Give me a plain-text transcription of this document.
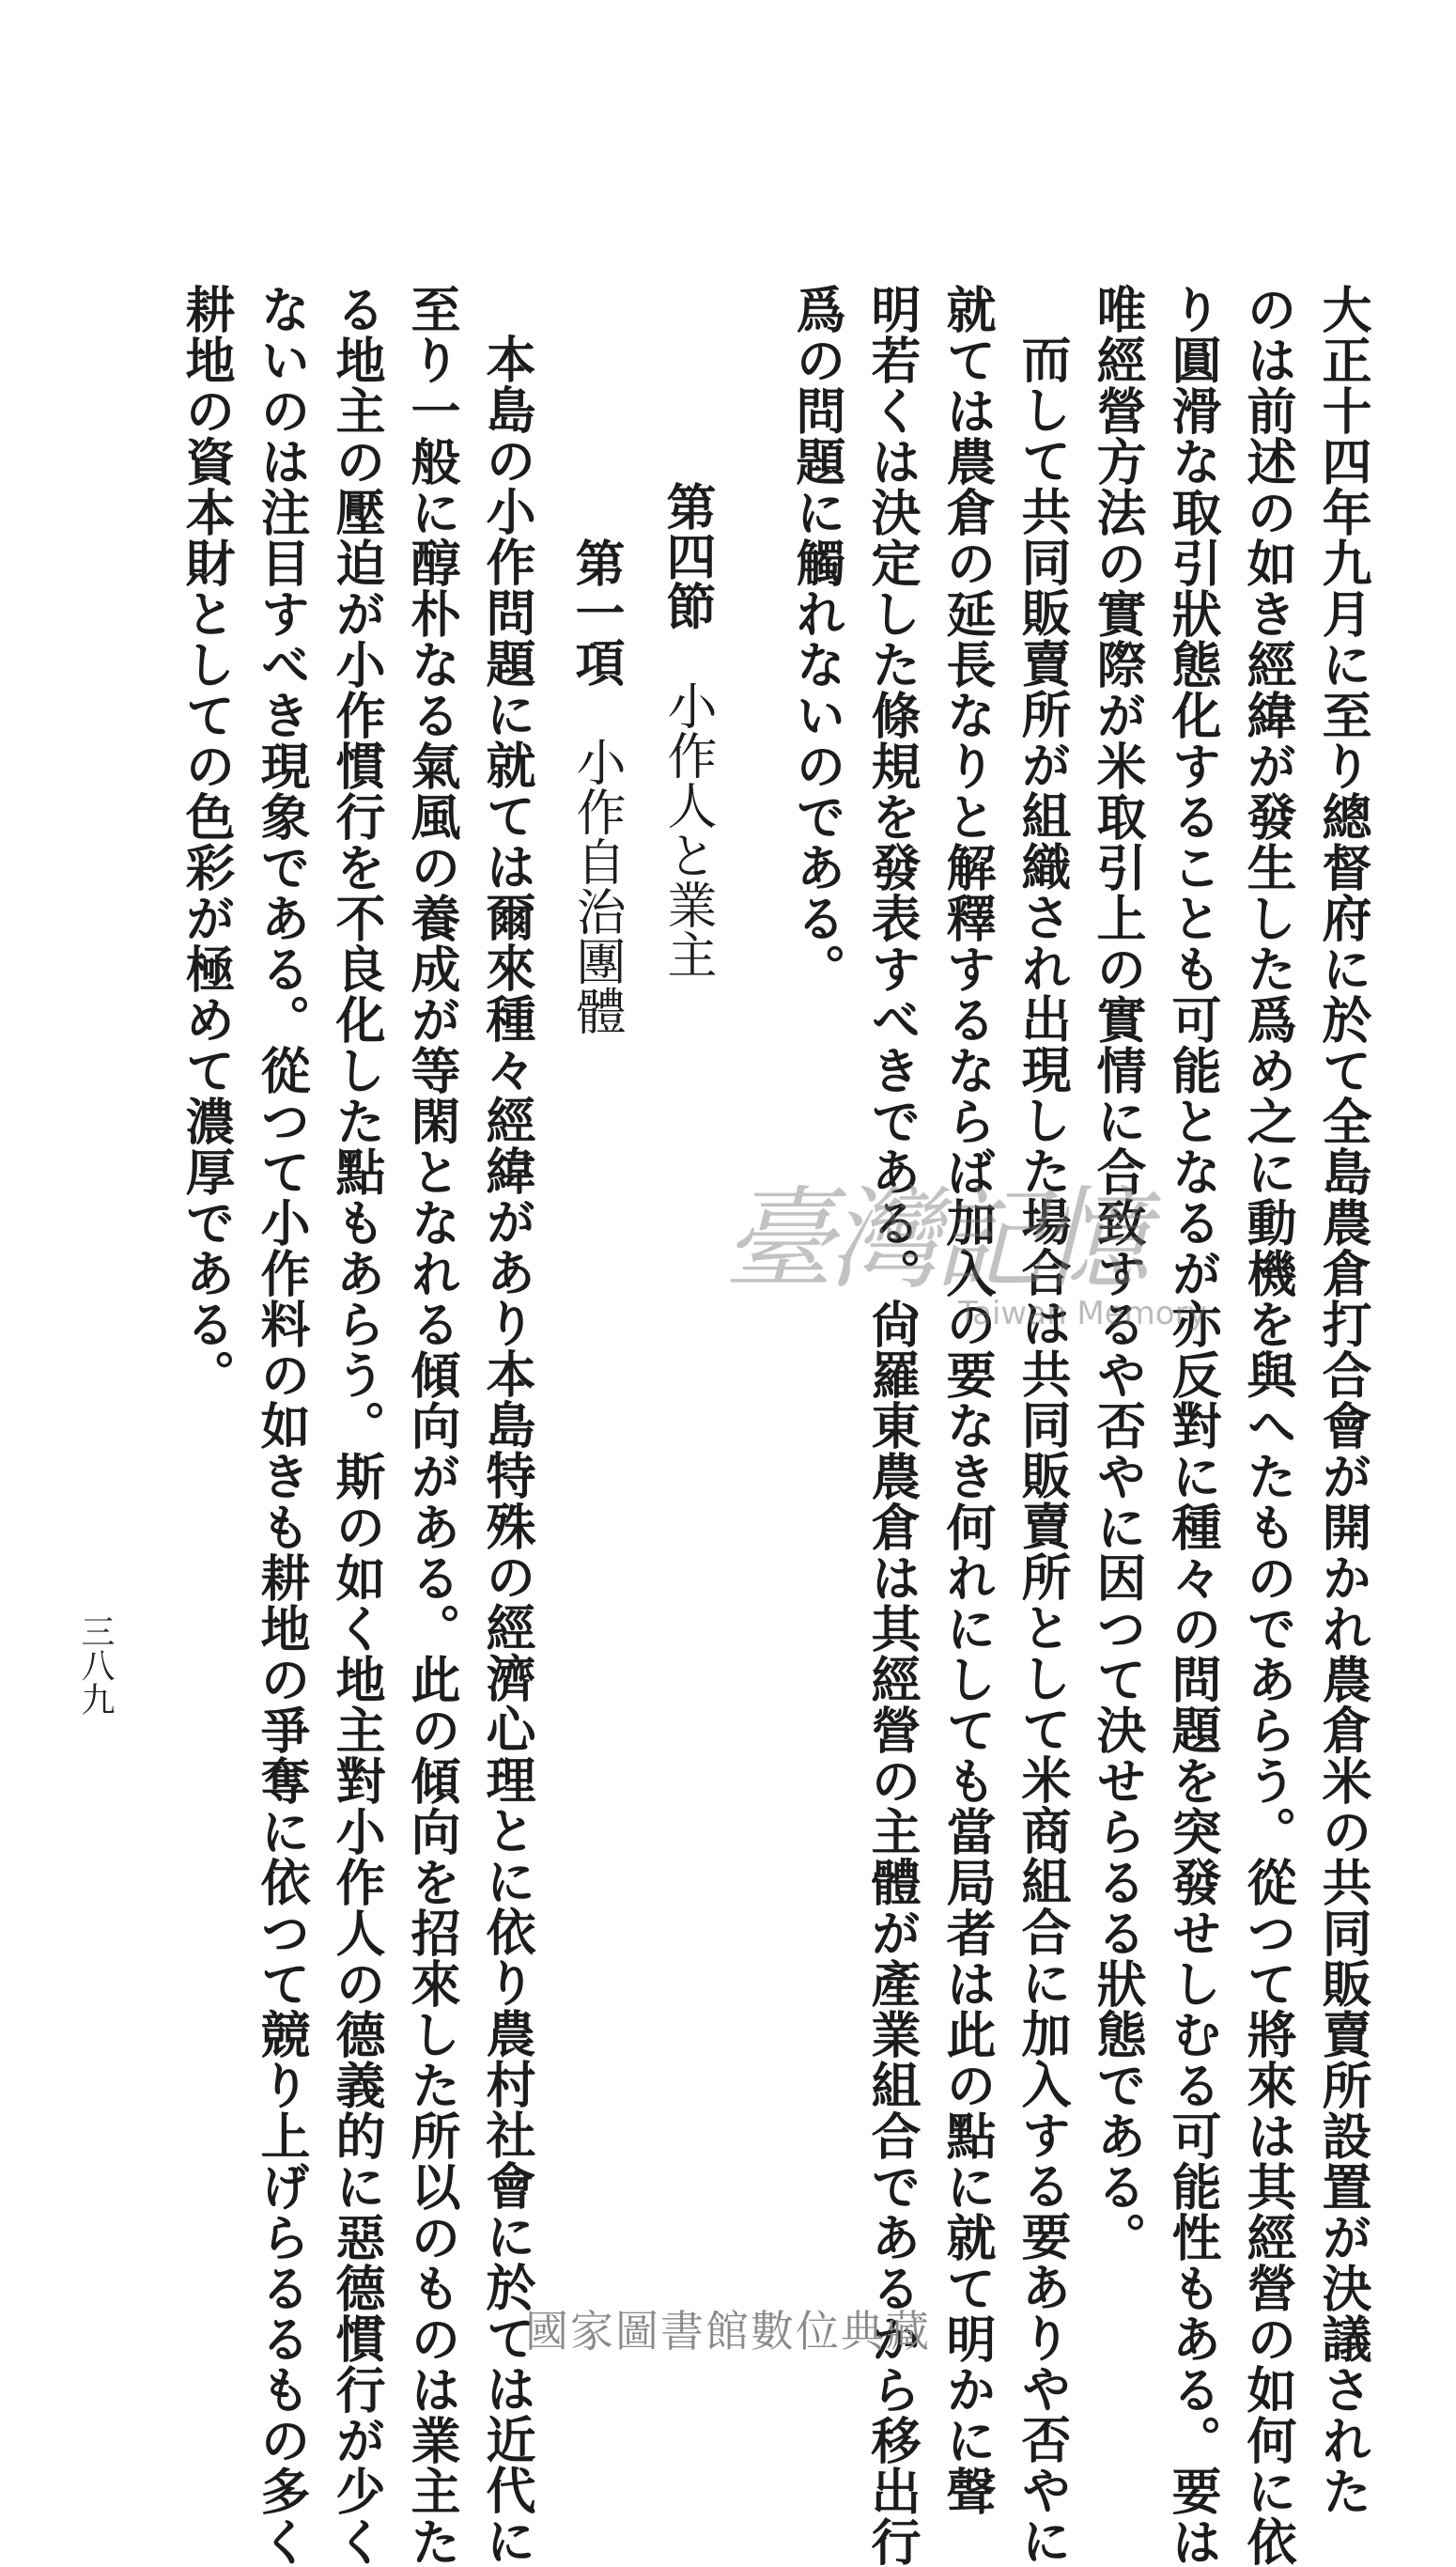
大正十四年九月に至り總督府に於て全島農倉打合會が開かれ農倉米の共同販賣所設置が決議された
のは前述の如き經緯が發生した爲め之に動機を與へたものであらう。從つて將來は其經營の如何に依
り圓滑な取引狀態化することも可能となるが亦反對に種々の問題を突發せしむる可能性もある。要は
唯經營方法の實際が米取引上の實情に合致するや否やに因つて決せらるる狀態である。
而して共同販賣所が組織され出現した場合は共同販賣所として米商組合に加入する要ありや否やに
就ては農倉の延長なりと解釋するならば加入の要なき何れにしても當局者は此の點に就て明かに聲
明若くは決定した條規を發表すべきである。尙羅東農倉は其經營の主體が產業組合であるから移出行
爲の問題に觸れないのである。
第四節　小作人と業主
第一項　小作自治團體
本島の小作問題に就ては爾來種々經緯があり本島特殊の經濟心理とに依り農村社會に於ては近代に
至り一般に醇朴なる氣風の養成が等閑となれる傾向がある。此の傾向を招來した所以のものは業主た
る地主の壓迫が小作慣行を不良化した點もあらう。斯の如く地主對小作人の德義的に惡德慣行が少く
ないのは注目すべき現象である。從つて小作料の如きも耕地の爭奪に依つて競り上げらるるもの多く
耕地の資本財としての色彩が極めて濃厚である。
三八九
臺灣記憶
Taiwan Memory
國家圖書館數位典藏
